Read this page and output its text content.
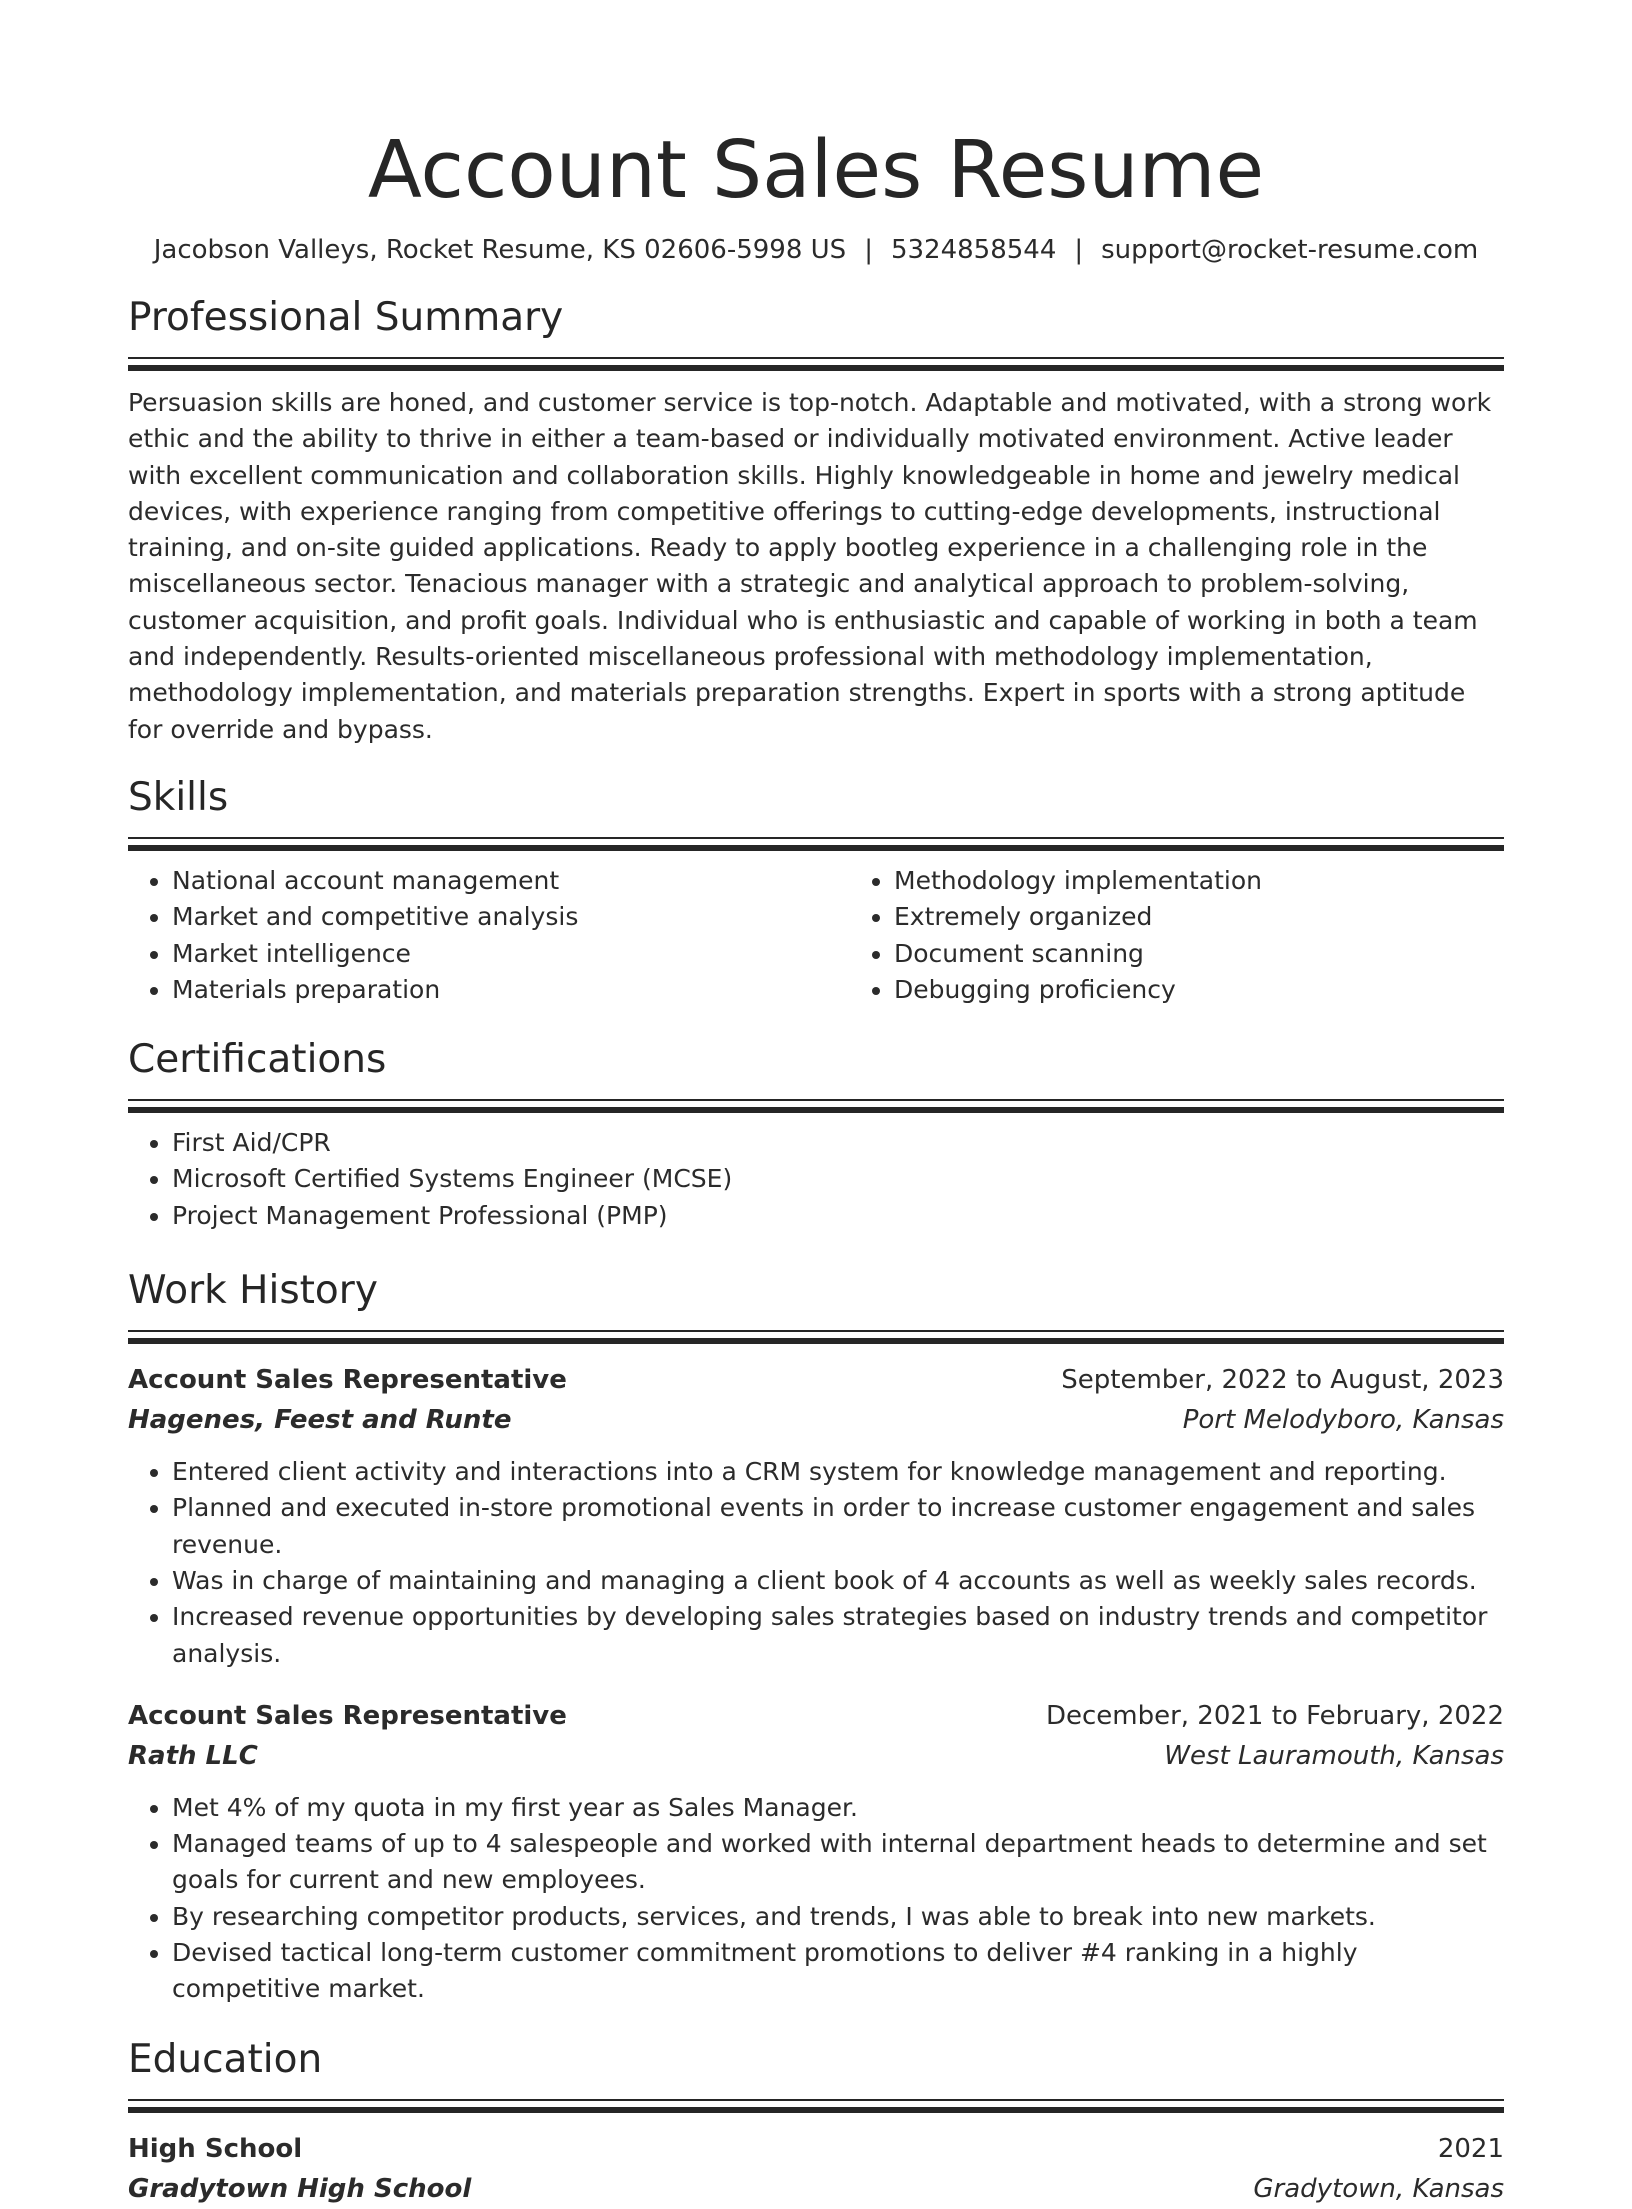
Account Sales Resume
Jacobson Valleys, Rocket Resume, KS 02606-5998 US | 5324858544 | support@rocket-resume.com
Professional Summary

Persuasion skills are honed, and customer service is top-notch. Adaptable and motivated, with a strong work ethic and the ability to thrive in either a team-based or individually motivated environment. Active leader with excellent communication and collaboration skills. Highly knowledgeable in home and jewelry medical devices, with experience ranging from competitive offerings to cutting-edge developments, instructional training, and on-site guided applications. Ready to apply bootleg experience in a challenging role in the miscellaneous sector. Tenacious manager with a strategic and analytical approach to problem-solving, customer acquisition, and profit goals. Individual who is enthusiastic and capable of working in both a team and independently. Results-oriented miscellaneous professional with methodology implementation, methodology implementation, and materials preparation strengths. Expert in sports with a strong aptitude for override and bypass.

Skills
• National account management
• Market and competitive analysis
• Market intelligence
• Materials preparation
• Methodology implementation
• Extremely organized
• Document scanning
• Debugging proficiency
Certifications
• First Aid/CPR
• Microsoft Certified Systems Engineer (MCSE)
• Project Management Professional (PMP)
Work History
Account Sales Representative	September, 2022 to August, 2023
Hagenes, Feest and Runte	Port Melodyboro, Kansas
• Entered client activity and interactions into a CRM system for knowledge management and reporting.
• Planned and executed in-store promotional events in order to increase customer engagement and sales revenue.
• Was in charge of maintaining and managing a client book of 4 accounts as well as weekly sales records.
• Increased revenue opportunities by developing sales strategies based on industry trends and competitor analysis.
Account Sales Representative	December, 2021 to February, 2022
Rath LLC	West Lauramouth, Kansas
• Met 4% of my quota in my first year as Sales Manager.
• Managed teams of up to 4 salespeople and worked with internal department heads to determine and set goals for current and new employees.
• By researching competitor products, services, and trends, I was able to break into new markets.
• Devised tactical long-term customer commitment promotions to deliver #4 ranking in a highly competitive market.
Education
High School	2021
Gradytown High School	Gradytown, Kansas
